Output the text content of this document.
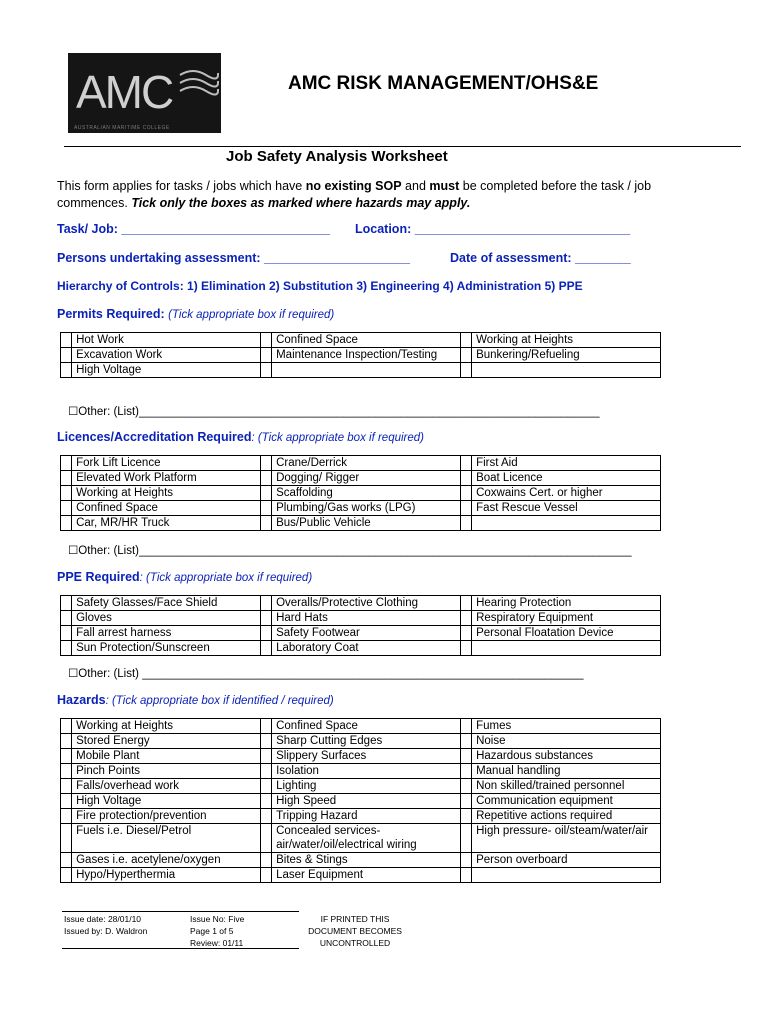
AMC
AUSTRALIAN MARITIME COLLEGE
AMC RISK MANAGEMENT/OHS&E
Job Safety Analysis Worksheet
This form applies for tasks / jobs which have no existing SOP and must be completed before the task / job commences. Tick only the boxes as marked where hazards may apply.
Task/ Job: ______________________________ Location: _______________________________
Persons undertaking assessment: _____________________	Date of assessment: ________
Hierarchy of Controls: 1) Elimination 2) Substitution 3) Engineering 4) Administration 5) PPE
Permits Required: (Tick appropriate box if required)
	Hot Work		Confined Space		Working at Heights
	Excavation Work		Maintenance Inspection/Testing		Bunkering/Refueling
	High Voltage				
☐Other: (List)________________________________________________________________________
Licences/Accreditation Required: (Tick appropriate box if required)
	Fork Lift Licence		Crane/Derrick		First Aid
	Elevated Work Platform		Dogging/ Rigger		Boat Licence
	Working at Heights		Scaffolding		Coxwains Cert. or higher
	Confined Space		Plumbing/Gas works (LPG)		Fast Rescue Vessel
	Car, MR/HR Truck		Bus/Public Vehicle		
☐Other: (List)_____________________________________________________________________________
PPE Required: (Tick appropriate box if required)
	Safety Glasses/Face Shield		Overalls/Protective Clothing		Hearing Protection
	Gloves		Hard Hats		Respiratory Equipment
	Fall arrest harness		Safety Footwear		Personal Floatation Device
	Sun Protection/Sunscreen		Laboratory Coat		
☐Other: (List) _____________________________________________________________________
Hazards: (Tick appropriate box if identified / required)
	Working at Heights		Confined Space		Fumes
	Stored Energy		Sharp Cutting Edges		Noise
	Mobile Plant		Slippery Surfaces		Hazardous substances
	Pinch Points		Isolation		Manual handling
	Falls/overhead work		Lighting		Non skilled/trained personnel
	High Voltage		High Speed		Communication equipment
	Fire protection/prevention		Tripping Hazard		Repetitive actions required
	Fuels i.e. Diesel/Petrol		Concealed services- air/water/oil/electrical wiring		High pressure- oil/steam/water/air
	Gases i.e. acetylene/oxygen		Bites & Stings		Person overboard
	Hypo/Hyperthermia		Laser Equipment		
Issue date: 28/01/10
Issued by: D. Waldron
Issue No: Five
Page 1 of 5
Review: 01/11
IF PRINTED THIS
DOCUMENT BECOMES
UNCONTROLLED
